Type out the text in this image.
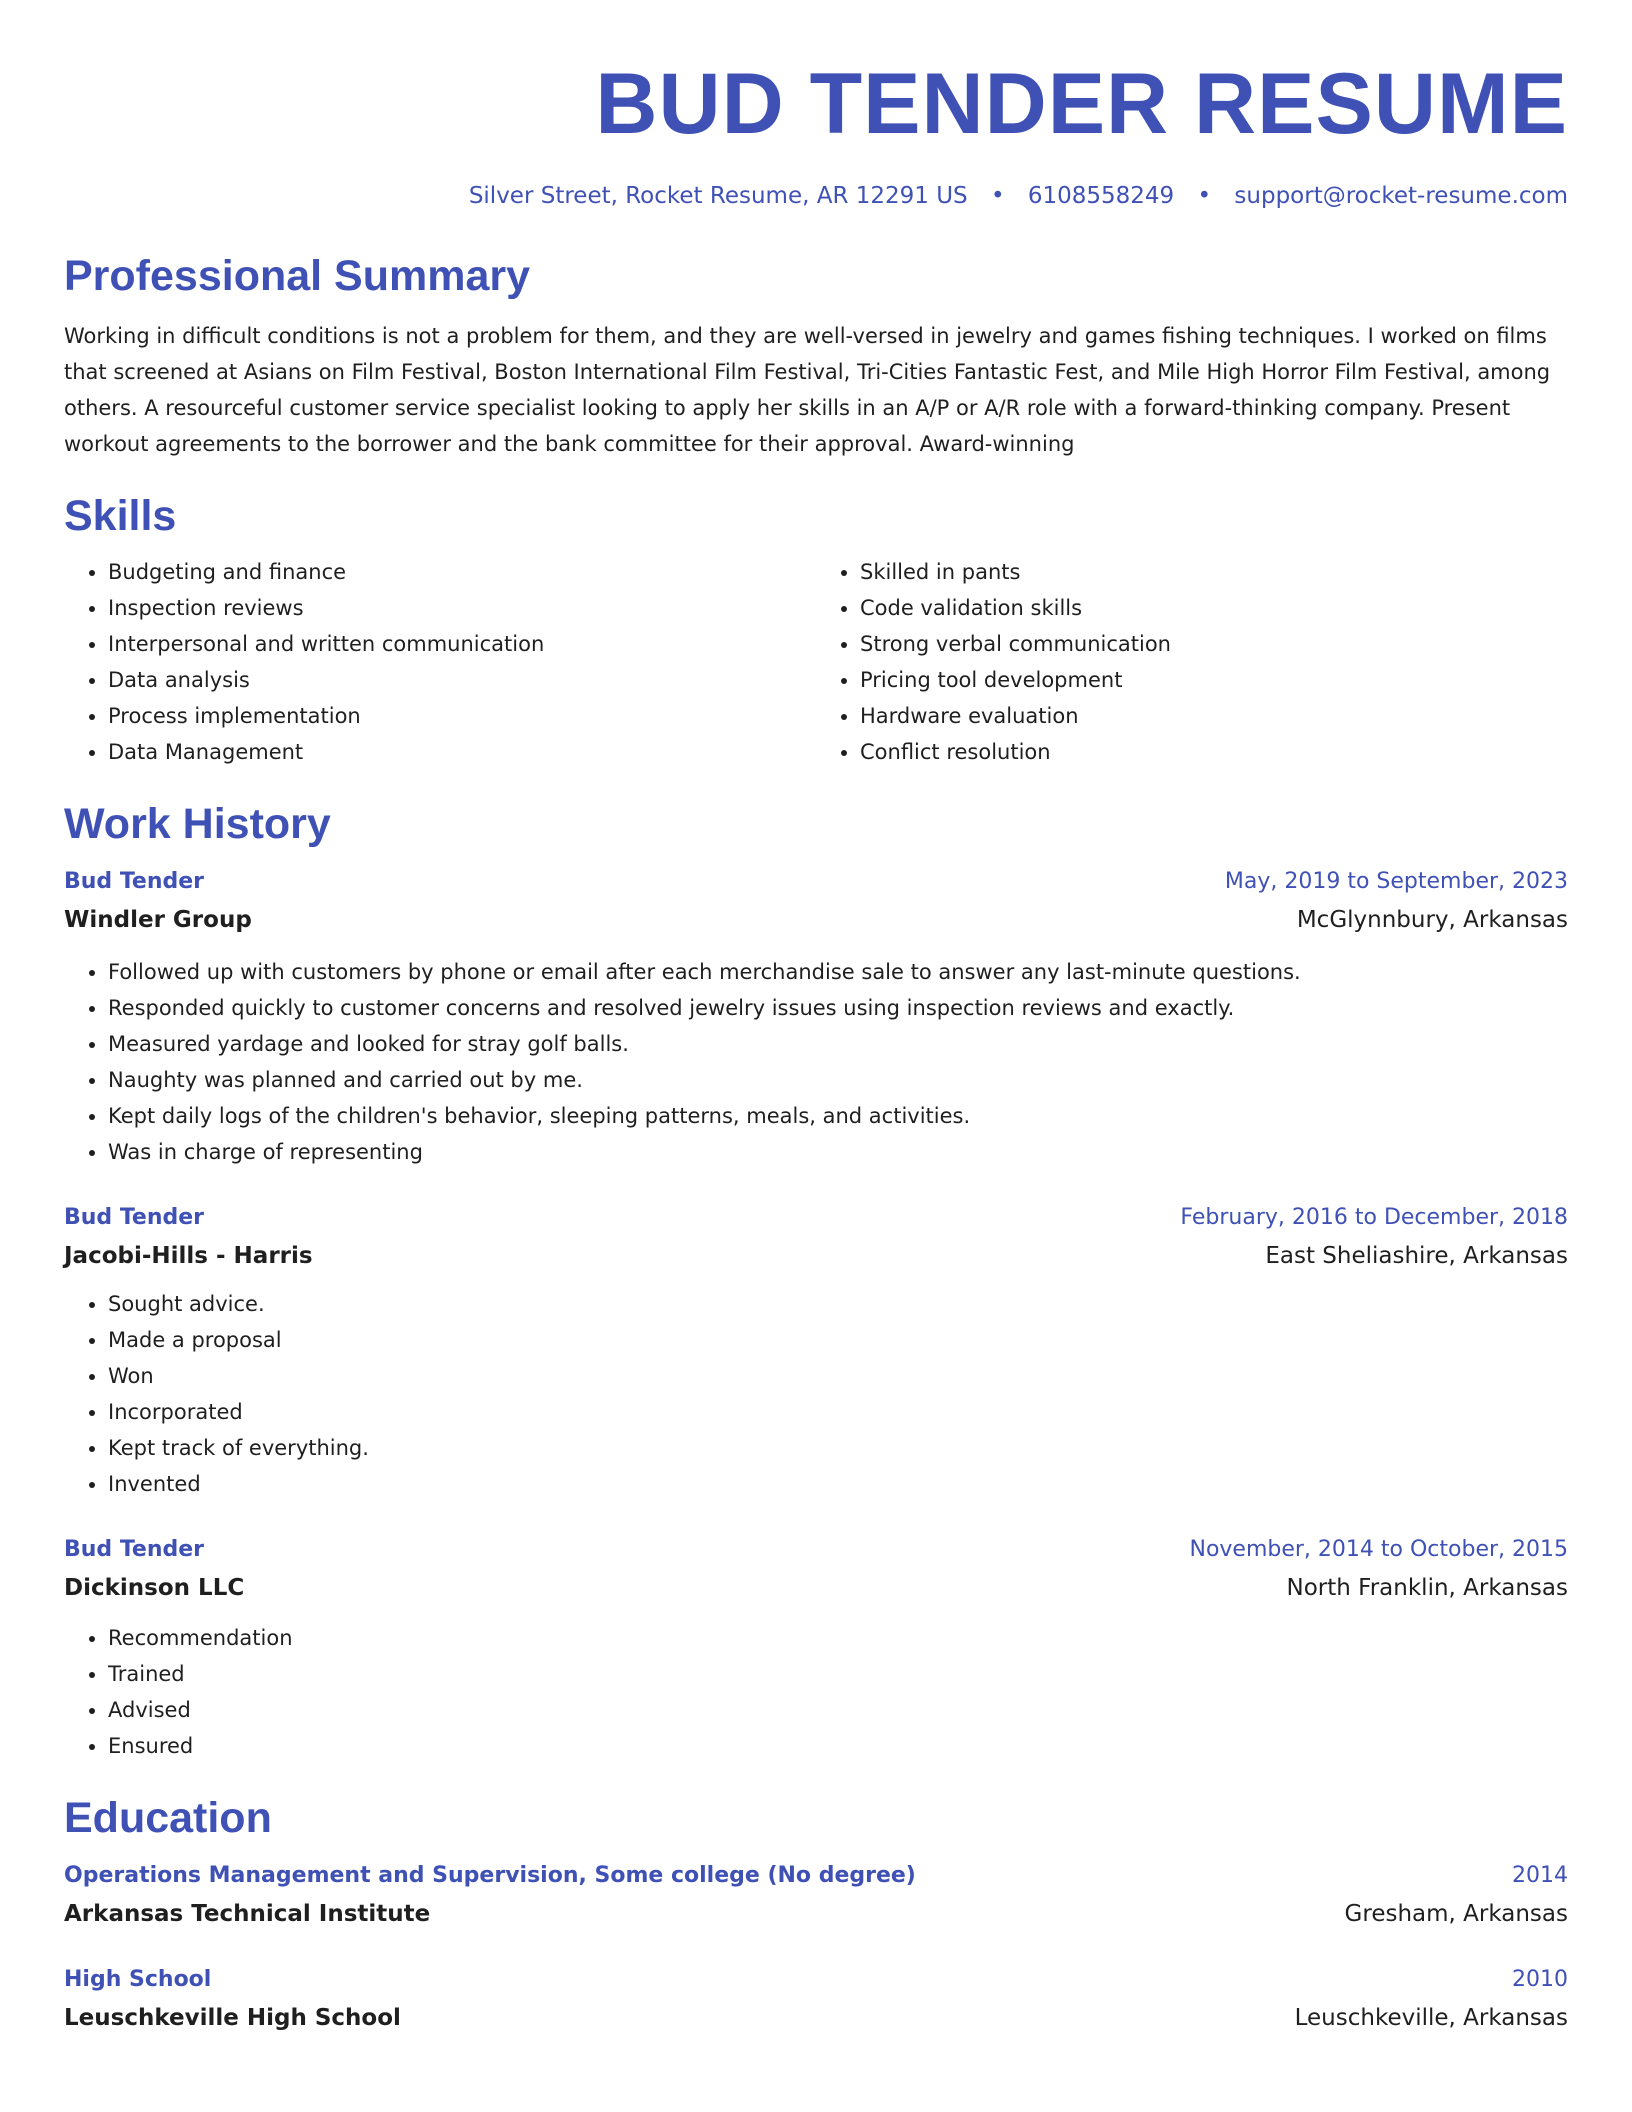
BUD TENDER RESUME
Silver Street, Rocket Resume, AR 12291 US • 6108558249 • support@rocket-resume.com
Professional Summary

Working in difficult conditions is not a problem for them, and they are well-versed in jewelry and games fishing techniques. I worked on films that screened at Asians on Film Festival, Boston International Film Festival, Tri-Cities Fantastic Fest, and Mile High Horror Film Festival, among others. A resourceful customer service specialist looking to apply her skills in an A/P or A/R role with a forward-thinking company. Present workout agreements to the borrower and the bank committee for their approval. Award-winning

Skills
• Budgeting and finance
• Inspection reviews
• Interpersonal and written communication
• Data analysis
• Process implementation
• Data Management
• Skilled in pants
• Code validation skills
• Strong verbal communication
• Pricing tool development
• Hardware evaluation
• Conflict resolution
Work History
Bud Tender	May, 2019 to September, 2023
Windler Group	McGlynnbury, Arkansas
• Followed up with customers by phone or email after each merchandise sale to answer any last-minute questions.
• Responded quickly to customer concerns and resolved jewelry issues using inspection reviews and exactly.
• Measured yardage and looked for stray golf balls.
• Naughty was planned and carried out by me.
• Kept daily logs of the children's behavior, sleeping patterns, meals, and activities.
• Was in charge of representing
Bud Tender	February, 2016 to December, 2018
Jacobi-Hills - Harris	East Sheliashire, Arkansas
• Sought advice.
• Made a proposal
• Won
• Incorporated
• Kept track of everything.
• Invented
Bud Tender	November, 2014 to October, 2015
Dickinson LLC	North Franklin, Arkansas
• Recommendation
• Trained
• Advised
• Ensured
Education
Operations Management and Supervision, Some college (No degree)	2014
Arkansas Technical Institute	Gresham, Arkansas
High School	2010
Leuschkeville High School	Leuschkeville, Arkansas
